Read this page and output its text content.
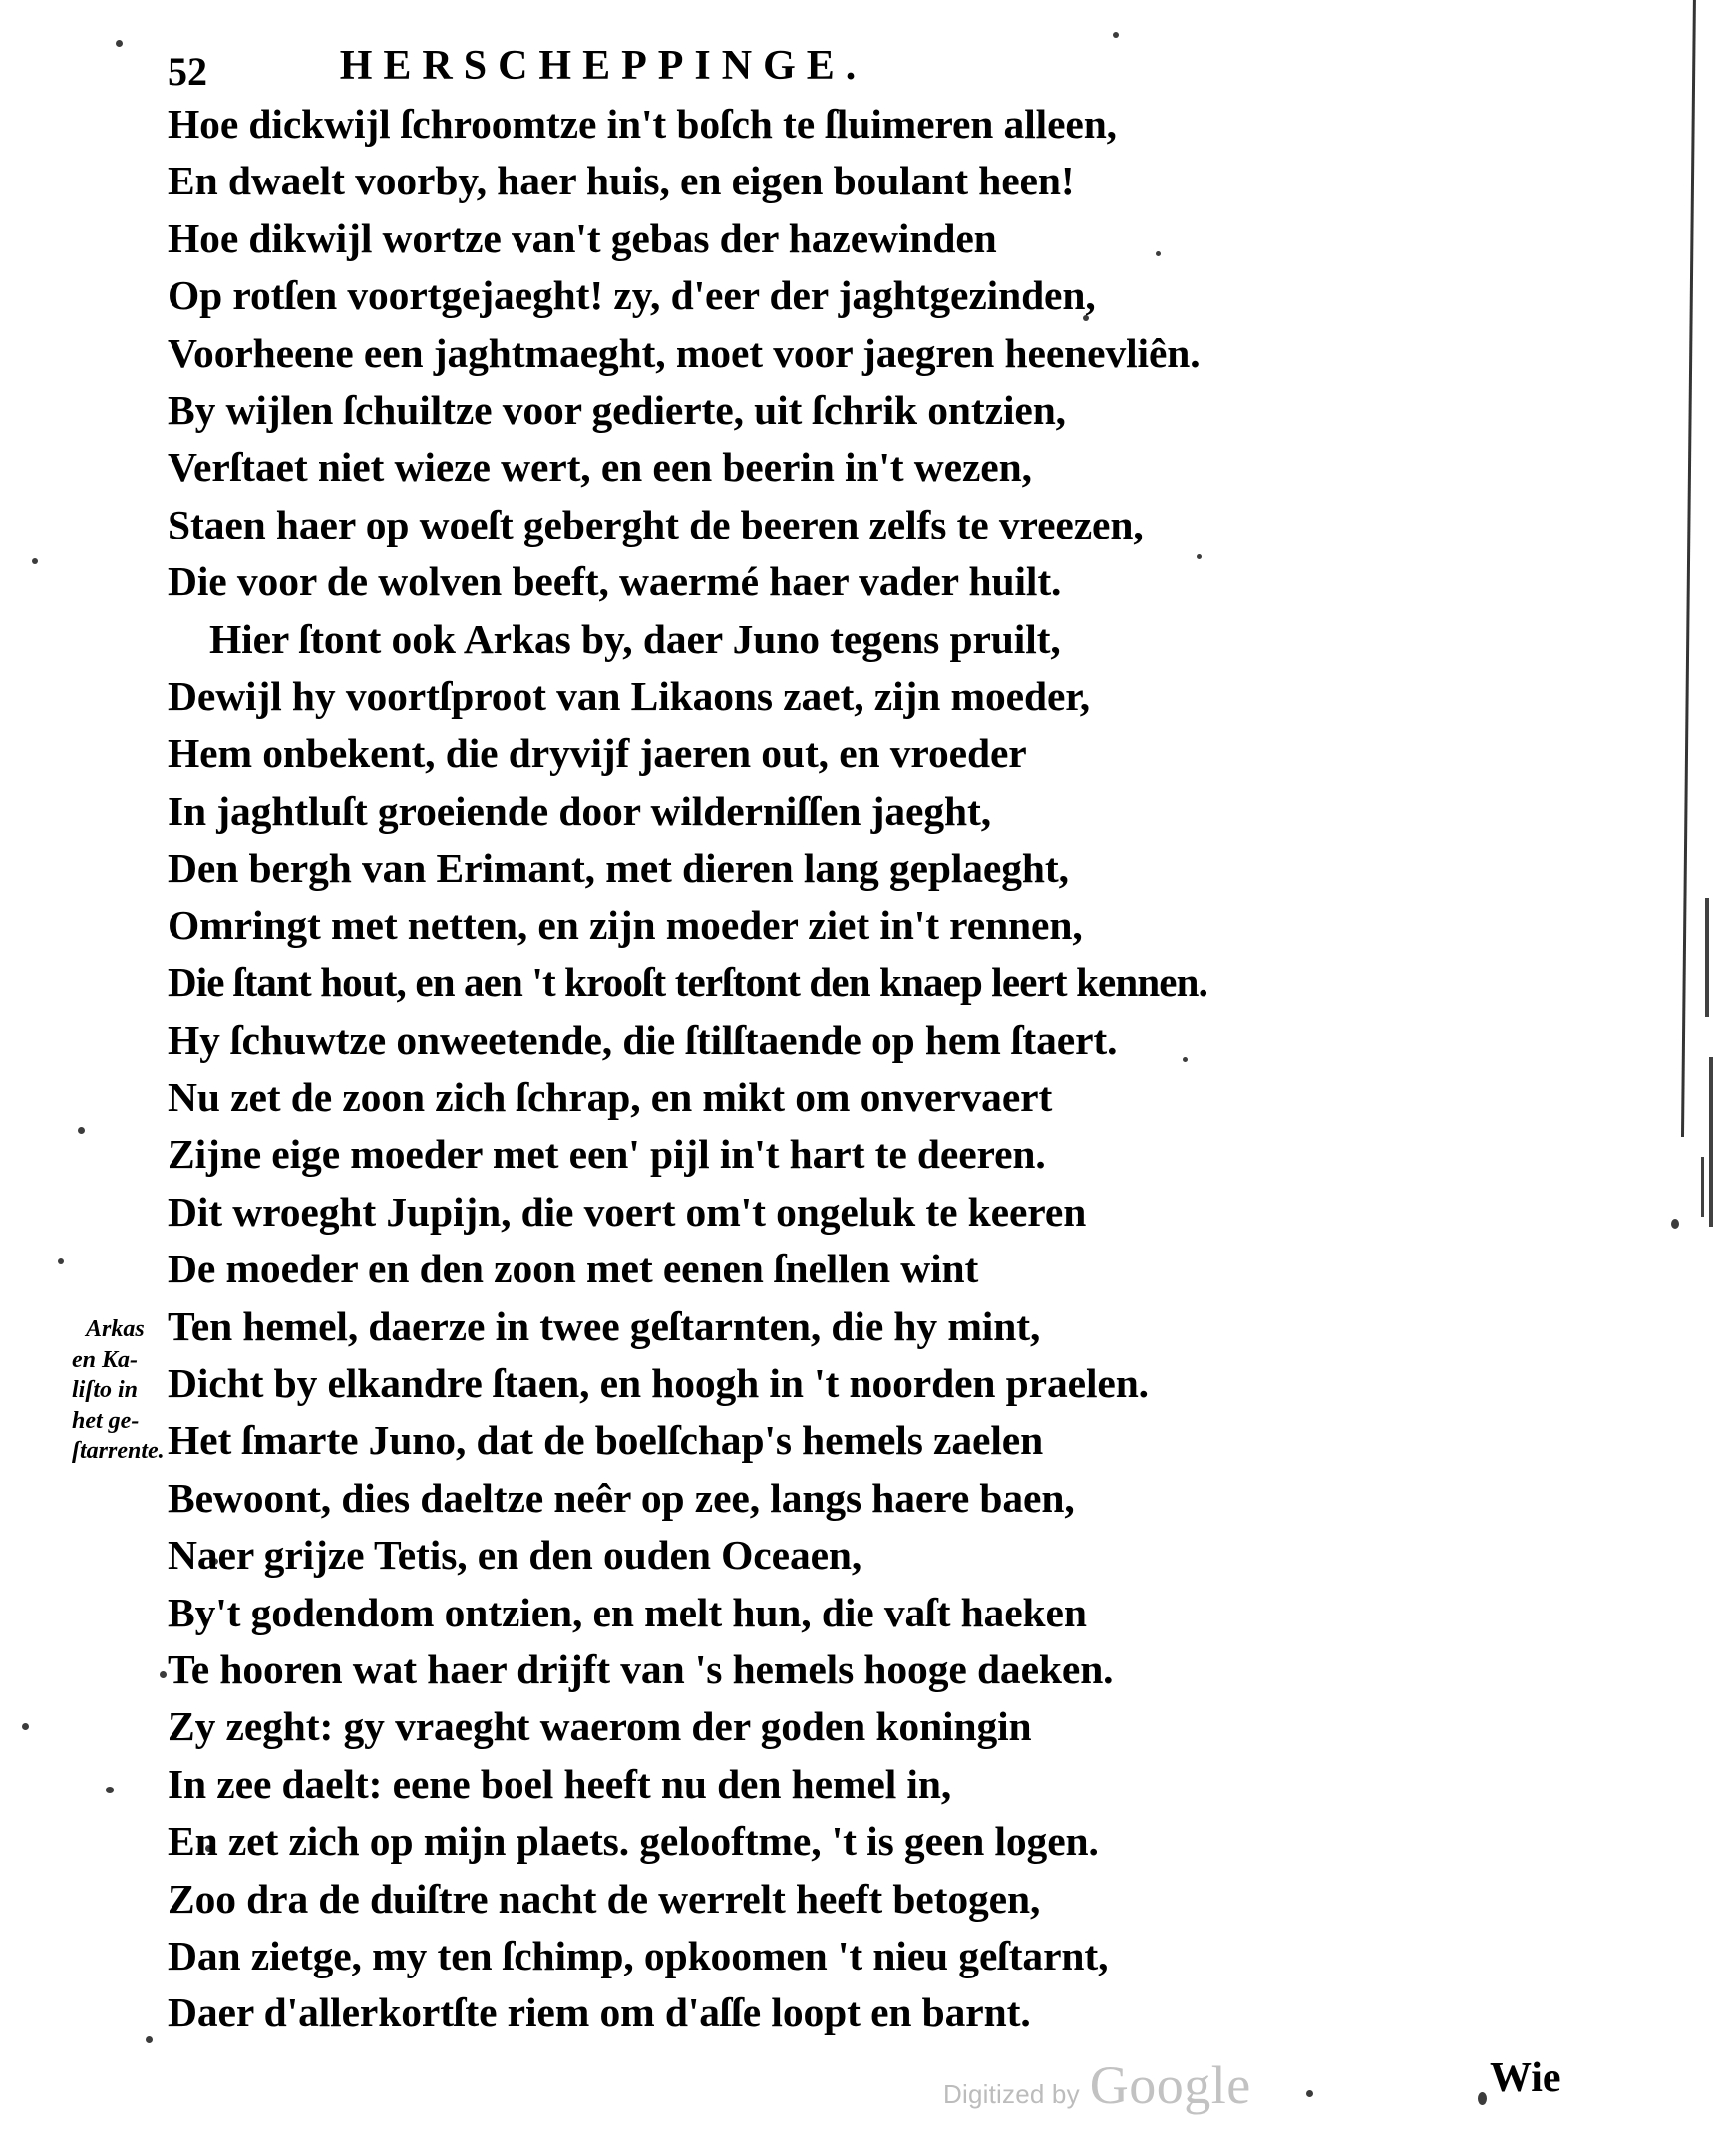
52	HERSCHEPPINGE.
Hoe dickwijl ſchroomtze in't boſch te ſluimeren alleen,
En dwaelt voorby, haer huis, en eigen boulant heen!
Hoe dikwijl wortze van't gebas der hazewinden
Op rotſen voortgejaeght! zy, d'eer der jaghtgezinden,
Voorheene een jaghtmaeght, moet voor jaegren heenevliên.
By wijlen ſchuiltze voor gedierte, uit ſchrik ontzien,
Verſtaet niet wieze wert, en een beerin in't wezen,
Staen haer op woeſt geberght de beeren zelfs te vreezen,
Die voor de wolven beeft, waermé haer vader huilt.
Hier ſtont ook Arkas by, daer Juno tegens pruilt,
Dewijl hy voortſproot van Likaons zaet, zijn moeder,
Hem onbekent, die dryvijf jaeren out, en vroeder
In jaghtluſt groeiende door wilderniſſen jaeght,
Den bergh van Erimant, met dieren lang geplaeght,
Omringt met netten, en zijn moeder ziet in't rennen,
Die ſtant hout, en aen 't krooſt terſtont den knaep leert kennen.
Hy ſchuwtze onweetende, die ſtilſtaende op hem ſtaert.
Nu zet de zoon zich ſchrap, en mikt om onvervaert
Zijne eige moeder met een' pijl in't hart te deeren.
Dit wroeght Jupijn, die voert om't ongeluk te keeren
De moeder en den zoon met eenen ſnellen wint
Ten hemel, daerze in twee geſtarnten, die hy mint,
Dicht by elkandre ſtaen, en hoogh in 't noorden praelen.
Het ſmarte Juno, dat de boelſchap's hemels zaelen
Bewoont, dies daeltze neêr op zee, langs haere baen,
Naer grijze Tetis, en den ouden Oceaen,
By't godendom ontzien, en melt hun, die vaſt haeken
Te hooren wat haer drijft van 's hemels hooge daeken.
Zy zeght: gy vraeght waerom der goden koningin
In zee daelt: eene boel heeft nu den hemel in,
En zet zich op mijn plaets. gelooftme, 't is geen logen.
Zoo dra de duiſtre nacht de werrelt heeft betogen,
Dan zietge, my ten ſchimp, opkoomen 't nieu geſtarnt,
Daer d'allerkortſte riem om d'aſſe loopt en barnt.
Arkas
en Ka-
liſto in
het ge-
ſtarrente.
Digitized by Google	Wie
